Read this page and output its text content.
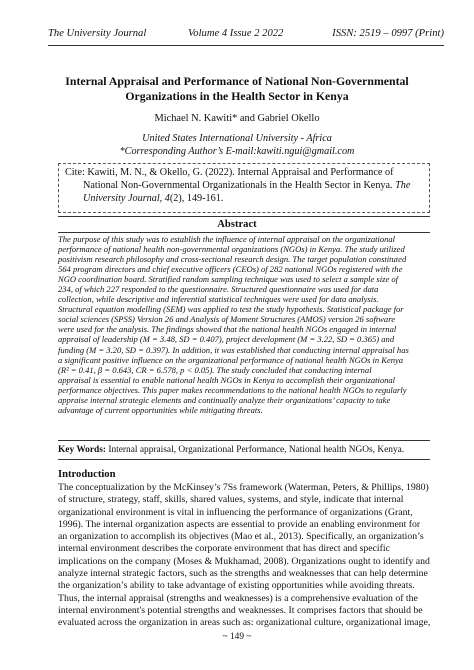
The University Journal	Volume 4 Issue 2 2022	ISSN: 2519 – 0997 (Print)
Internal Appraisal and Performance of National Non-Governmental
Organizations in the Health Sector in Kenya
Michael N. Kawiti* and Gabriel Okello
United States International University - Africa
*Corresponding Author’s E-mail:kawiti.ngui@gmail.com
Cite: Kawiti, M. N., & Okello, G. (2022). Internal Appraisal and Performance of National Non-Governmental Organizationals in the Health Sector in Kenya. The University Journal, 4(2), 149-161.
Abstract
The purpose of this study was to establish the influence of internal appraisal on the organizational
performance of national health non-governmental organizations (NGOs) in Kenya. The study utilized
positivism research philosophy and cross-sectional research design. The target population constituted
564 program directors and chief executive officers (CEOs) of 282 national NGOs registered with the
NGO coordination board. Stratified random sampling technique was used to select a sample size of
234, of which 227 responded to the questionnaire. Structured questionnaire was used for data
collection, while descriptive and inferential statistical techniques were used for data analysis.
Structural equation modelling (SEM) was applied to test the study hypothesis. Statistical package for
social sciences (SPSS) Version 26 and Analysis of Moment Structures (AMOS) version 26 software
were used for the analysis. The findings showed that the national health NGOs engaged in internal
appraisal of leadership (M = 3.48, SD = 0.407), project development (M = 3.22, SD = 0.365) and
funding (M = 3.20, SD = 0.397). In addition, it was established that conducting internal appraisal has
a significant positive influence on the organizational performance of national health NGOs in Kenya
(R² = 0.41, β = 0.643, CR = 6.578, p < 0.05). The study concluded that conducting internal
appraisal is essential to enable national health NGOs in Kenya to accomplish their organizational
performance objectives. This paper makes recommendations to the national health NGOs to regularly
appraise internal strategic elements and continually analyze their organizations’ capacity to take
advantage of current opportunities while mitigating threats.
Key Words: Internal appraisal, Organizational Performance, National health NGOs, Kenya.
Introduction
The conceptualization by the McKinsey’s 7Ss framework (Waterman, Peters, & Phillips, 1980)
of structure, strategy, staff, skills, shared values, systems, and style, indicate that internal
organizational environment is vital in influencing the performance of organizations (Grant,
1996). The internal organization aspects are essential to provide an enabling environment for
an organization to accomplish its objectives (Mao et al., 2013). Specifically, an organization’s
internal environment describes the corporate environment that has direct and specific
implications on the company (Moses & Mukhamad, 2008). Organizations ought to identify and
analyze internal strategic factors, such as the strengths and weaknesses that can help determine
the organization’s ability to take advantage of existing opportunities while avoiding threats.
Thus, the internal appraisal (strengths and weaknesses) is a comprehensive evaluation of the
internal environment's potential strengths and weaknesses. It comprises factors that should be
evaluated across the organization in areas such as: organizational culture, organizational image,
~ 149 ~
